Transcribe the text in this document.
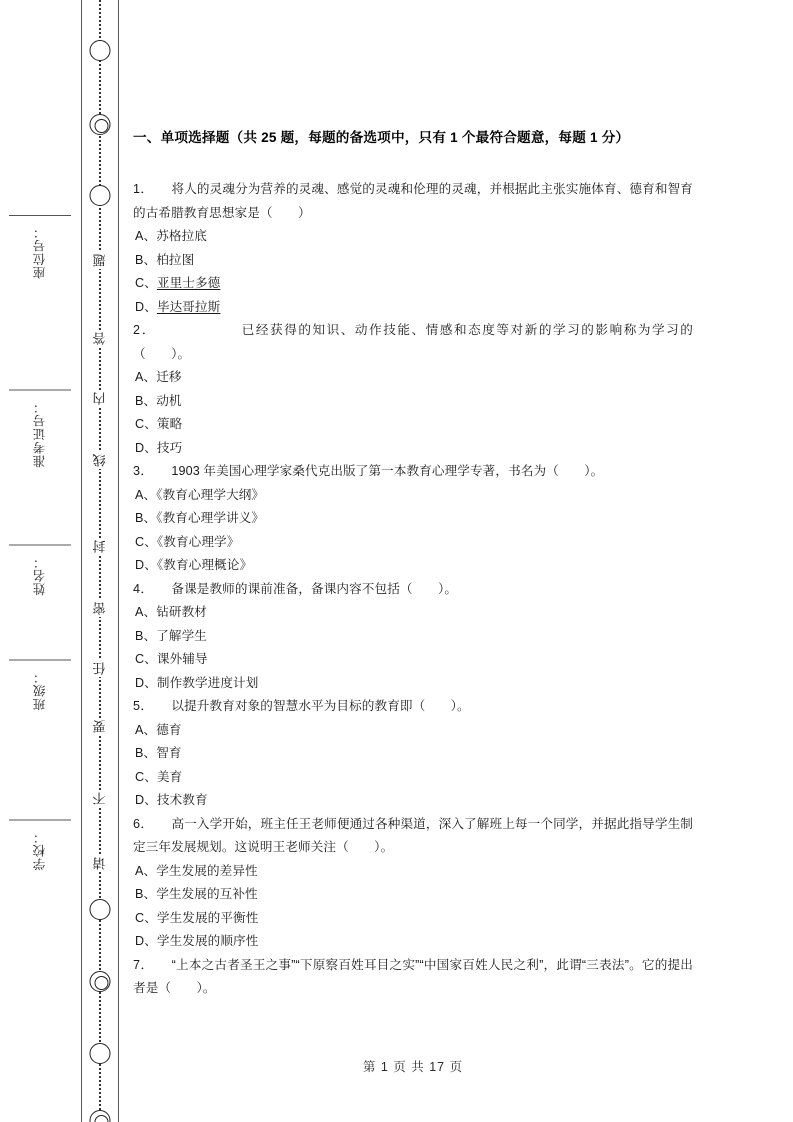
座位号：
准考证号：
姓名：
班级：
学校：
题
答
内
线
封
密
任
要
不
请
一、单项选择题（共 25 题，每题的备选项中，只有 1 个最符合题意，每题 1 分）
1． 将人的灵魂分为营养的灵魂、感觉的灵魂和伦理的灵魂，并根据此主张实施体育、德育和智育的古希腊教育思想家是（　　）
A、苏格拉底
B、柏拉图
C、亚里士多德
D、毕达哥拉斯
2．	已经获得的知识、动作技能、情感和态度等对新的学习的影响称为学习的（　　）。
A、迁移
B、动机
C、策略
D、技巧
3． 1903 年美国心理学家桑代克出版了第一本教育心理学专著，书名为（　　）。
A、《教育心理学大纲》
B、《教育心理学讲义》
C、《教育心理学》
D、《教育心理概论》
4． 备课是教师的课前准备，备课内容不包括（　　）。
A、钻研教材
B、了解学生
C、课外辅导
D、制作教学进度计划
5． 以提升教育对象的智慧水平为目标的教育即（　　）。
A、德育
B、智育
C、美育
D、技术教育
6． 高一入学开始，班主任王老师便通过各种渠道，深入了解班上每一个同学，并据此指导学生制定三年发展规划。这说明王老师关注（　　）。
A、学生发展的差异性
B、学生发展的互补性
C、学生发展的平衡性
D、学生发展的顺序性
7． “上本之古者圣王之事”“下原察百姓耳目之实”“中国家百姓人民之利”，此谓“三表法”。它的提出者是（　　）。
第 1 页 共 17 页
